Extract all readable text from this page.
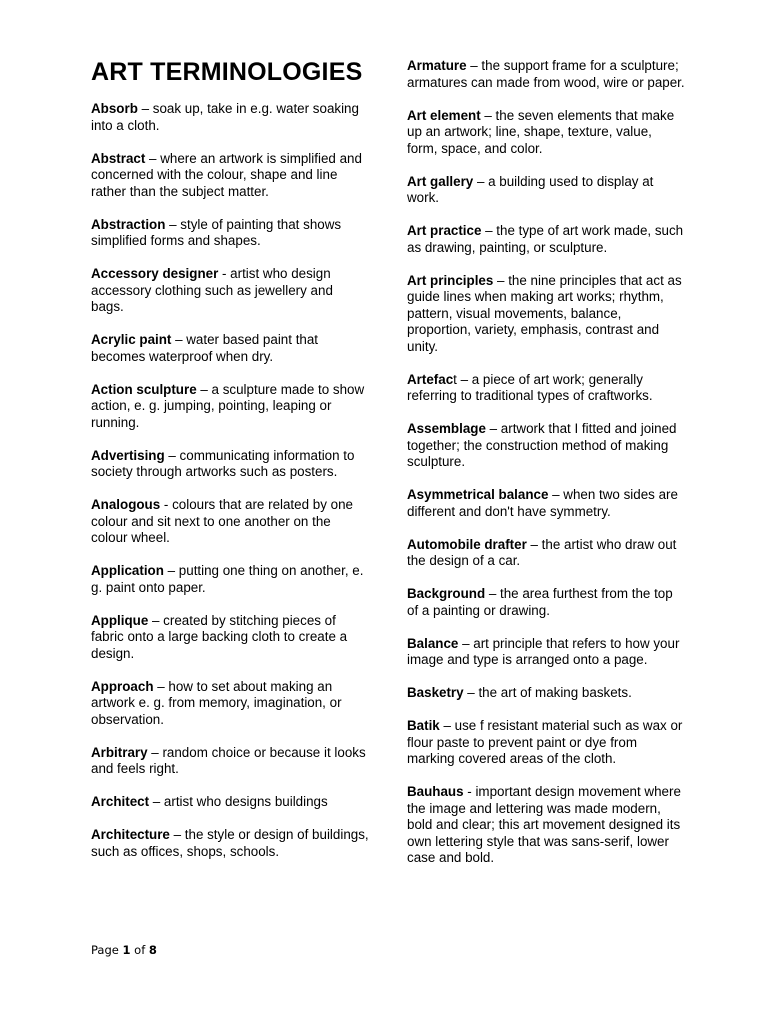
ART TERMINOLOGIES

Absorb – soak up, take in e.g. water soaking into a cloth.

Abstract – where an artwork is simplified and concerned with the colour, shape and line rather than the subject matter.

Abstraction – style of painting that shows simplified forms and shapes.

Accessory designer - artist who design accessory clothing such as jewellery and bags.

Acrylic paint – water based paint that becomes waterproof when dry.

Action sculpture – a sculpture made to show action, e. g. jumping, pointing, leaping or running.

Advertising – communicating information to society through artworks such as posters.

Analogous - colours that are related by one colour and sit next to one another on the colour wheel.

Application – putting one thing on another, e. g. paint onto paper.

Applique – created by stitching pieces of fabric onto a large backing cloth to create a design.

Approach – how to set about making an artwork e. g. from memory, imagination, or observation.

Arbitrary – random choice or because it looks and feels right.

Architect – artist who designs buildings

Architecture – the style or design of buildings, such as offices, shops, schools.

Armature – the support frame for a sculpture; armatures can made from wood, wire or paper.

Art element – the seven elements that make up an artwork; line, shape, texture, value, form, space, and color.

Art gallery – a building used to display at work.

Art practice – the type of art work made, such as drawing, painting, or sculpture.

Art principles – the nine principles that act as guide lines when making art works; rhythm, pattern, visual movements, balance, proportion, variety, emphasis, contrast and unity.

Artefact – a piece of art work; generally referring to traditional types of craftworks.

Assemblage – artwork that I fitted and joined together; the construction method of making sculpture.

Asymmetrical balance – when two sides are different and don't have symmetry.

Automobile drafter – the artist who draw out the design of a car.

Background – the area furthest from the top of a painting or drawing.

Balance – art principle that refers to how your image and type is arranged onto a page.

Basketry – the art of making baskets.

Batik – use f resistant material such as wax or flour paste to prevent paint or dye from marking covered areas of the cloth.

Bauhaus - important design movement where the image and lettering was made modern, bold and clear; this art movement designed its own lettering style that was sans-serif, lower case and bold.

Page 1 of 8
